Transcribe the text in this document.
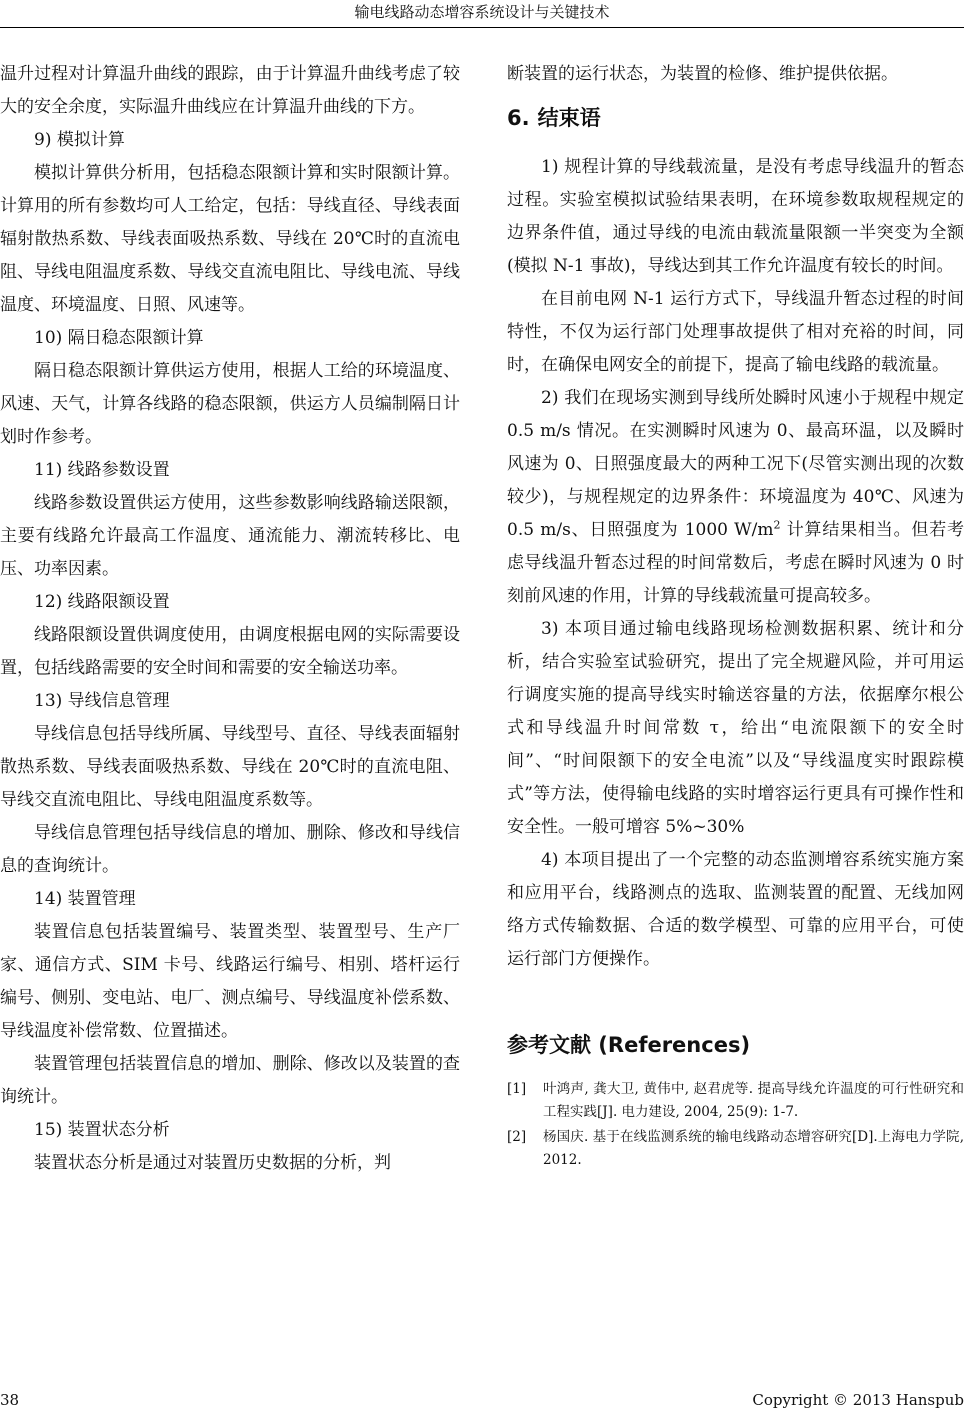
输电线路动态增容系统设计与关键技术

温升过程对计算温升曲线的跟踪，由于计算温升曲线考虑了较大的安全余度，实际温升曲线应在计算温升曲线的下方。

9) 模拟计算

模拟计算供分析用，包括稳态限额计算和实时限额计算。计算用的所有参数均可人工给定，包括：导线直径、导线表面辐射散热系数、导线表面吸热系数、导线在 20℃时的直流电阻、导线电阻温度系数、导线交直流电阻比、导线电流、导线温度、环境温度、日照、风速等。

10) 隔日稳态限额计算

隔日稳态限额计算供运方使用，根据人工给的环境温度、风速、天气，计算各线路的稳态限额，供运方人员编制隔日计划时作参考。

11) 线路参数设置

线路参数设置供运方使用，这些参数影响线路输送限额，主要有线路允许最高工作温度、通流能力、潮流转移比、电压、功率因素。

12) 线路限额设置

线路限额设置供调度使用，由调度根据电网的实际需要设置，包括线路需要的安全时间和需要的安全输送功率。

13) 导线信息管理

导线信息包括导线所属、导线型号、直径、导线表面辐射散热系数、导线表面吸热系数、导线在 20℃时的直流电阻、导线交直流电阻比、导线电阻温度系数等。

导线信息管理包括导线信息的增加、删除、修改和导线信息的查询统计。

14) 装置管理

装置信息包括装置编号、装置类型、装置型号、生产厂家、通信方式、SIM 卡号、线路运行编号、相别、塔杆运行编号、侧别、变电站、电厂、测点编号、导线温度补偿系数、导线温度补偿常数、位置描述。

装置管理包括装置信息的增加、删除、修改以及装置的查询统计。

15) 装置状态分析

装置状态分析是通过对装置历史数据的分析，判

断装置的运行状态，为装置的检修、维护提供依据。

6. 结束语

1) 规程计算的导线载流量，是没有考虑导线温升的暂态过程。实验室模拟试验结果表明，在环境参数取规程规定的边界条件值，通过导线的电流由载流量限额一半突变为全额(模拟 N-1 事故)，导线达到其工作允许温度有较长的时间。

在目前电网 N-1 运行方式下，导线温升暂态过程的时间特性，不仅为运行部门处理事故提供了相对充裕的时间，同时，在确保电网安全的前提下，提高了输电线路的载流量。

2) 我们在现场实测到导线所处瞬时风速小于规程中规定 0.5 m/s 情况。在实测瞬时风速为 0、最高环温，以及瞬时风速为 0、日照强度最大的两种工况下(尽管实测出现的次数较少)，与规程规定的边界条件：环境温度为 40℃、风速为 0.5 m/s、日照强度为 1000 $W/m^2$ 计算结果相当。但若考虑导线温升暂态过程的时间常数后，考虑在瞬时风速为 0 时刻前风速的作用，计算的导线载流量可提高较多。

3) 本项目通过输电线路现场检测数据积累、统计和分析，结合实验室试验研究，提出了完全规避风险，并可用运行调度实施的提高导线实时输送容量的方法，依据摩尔根公式和导线温升时间常数 τ，给出“电流限额下的安全时间”、“时间限额下的安全电流”以及“导线温度实时跟踪模式”等方法，使得输电线路的实时增容运行更具有可操作性和安全性。一般可增容 5%~30%

4) 本项目提出了一个完整的动态监测增容系统实施方案和应用平台，线路测点的选取、监测装置的配置、无线加网络方式传输数据、合适的数学模型、可靠的应用平台，可使运行部门方便操作。

参考文献 (References)
[1]	叶鸿声, 龚大卫, 黄伟中, 赵君虎等. 提高导线允许温度的可行性研究和工程实践[J]. 电力建设, 2004, 25(9): 1-7.
[2]	杨国庆. 基于在线监测系统的输电线路动态增容研究[D].上海电力学院, 2012.
38	Copyright © 2013 Hanspub
